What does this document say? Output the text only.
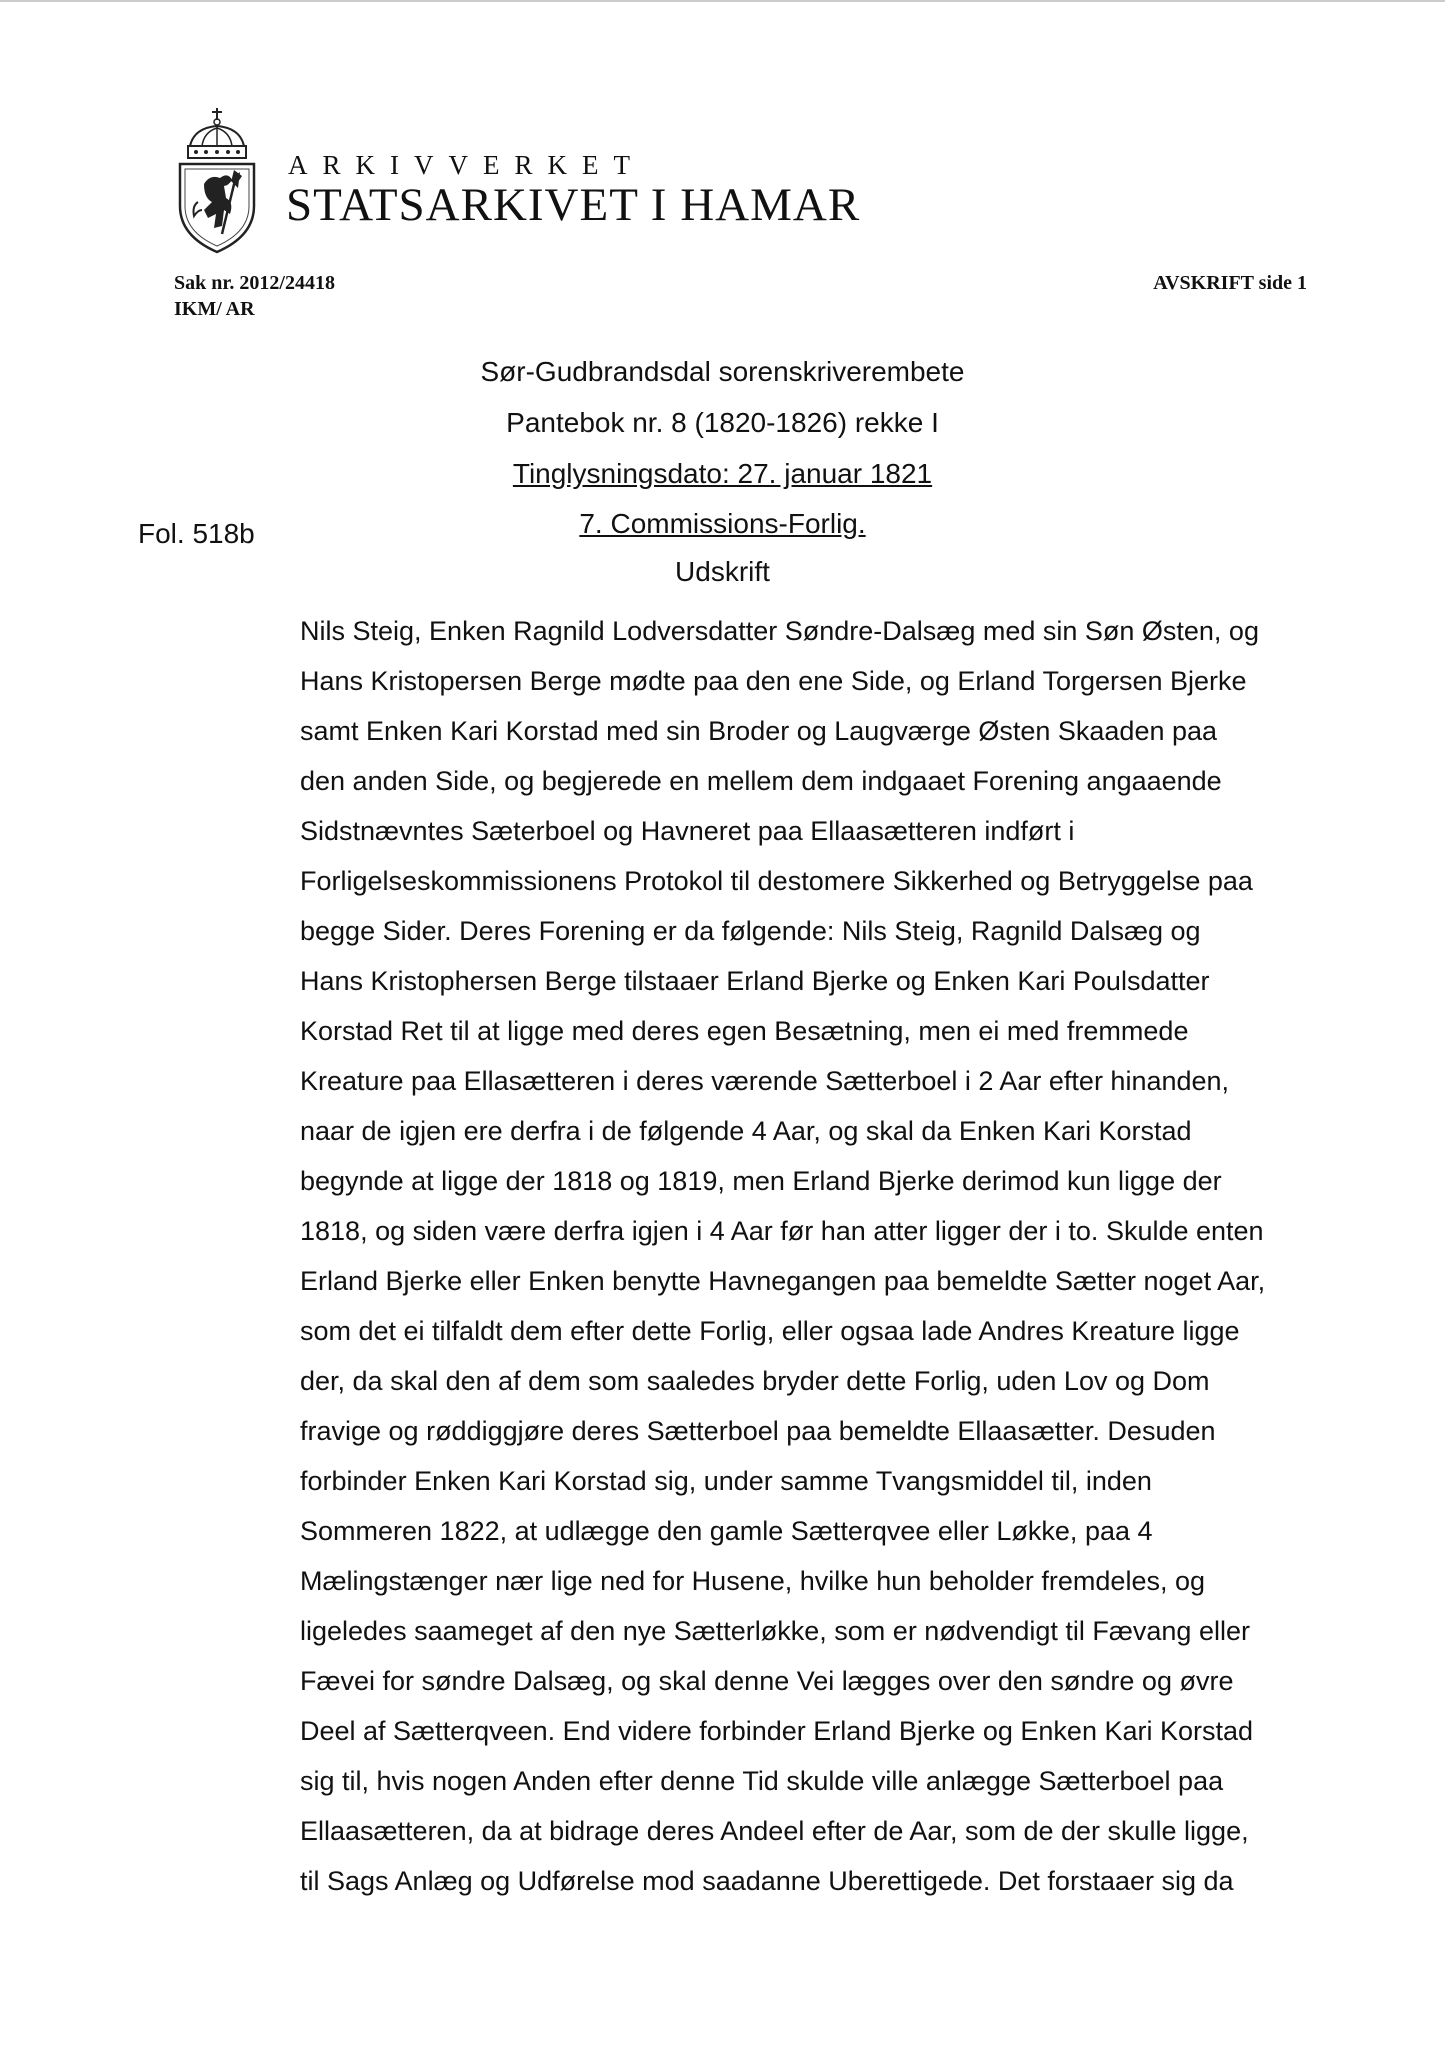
ARKIVVERKET
STATSARKIVET I HAMAR
Sak nr. 2012/24418
IKM/ AR
AVSKRIFT side 1
Fol. 518b
Sør-Gudbrandsdal sorenskriverembete
Pantebok nr. 8 (1820-1826) rekke I
Tinglysningsdato: 27. januar 1821
7. Commissions-Forlig.
Udskrift
Nils Steig, Enken Ragnild Lodversdatter Søndre-Dalsæg med sin Søn Østen, og
Hans Kristopersen Berge mødte paa den ene Side, og Erland Torgersen Bjerke
samt Enken Kari Korstad med sin Broder og Laugværge Østen Skaaden paa
den anden Side, og begjerede en mellem dem indgaaet Forening angaaende
Sidstnævntes Sæterboel og Havneret paa Ellaasætteren indført i
Forligelseskommissionens Protokol til destomere Sikkerhed og Betryggelse paa
begge Sider. Deres Forening er da følgende: Nils Steig, Ragnild Dalsæg og
Hans Kristophersen Berge tilstaaer Erland Bjerke og Enken Kari Poulsdatter
Korstad Ret til at ligge med deres egen Besætning, men ei med fremmede
Kreature paa Ellasætteren i deres værende Sætterboel i 2 Aar efter hinanden,
naar de igjen ere derfra i de følgende 4 Aar, og skal da Enken Kari Korstad
begynde at ligge der 1818 og 1819, men Erland Bjerke derimod kun ligge der
1818, og siden være derfra igjen i 4 Aar før han atter ligger der i to. Skulde enten
Erland Bjerke eller Enken benytte Havnegangen paa bemeldte Sætter noget Aar,
som det ei tilfaldt dem efter dette Forlig, eller ogsaa lade Andres Kreature ligge
der, da skal den af dem som saaledes bryder dette Forlig, uden Lov og Dom
fravige og røddiggjøre deres Sætterboel paa bemeldte Ellaasætter. Desuden
forbinder Enken Kari Korstad sig, under samme Tvangsmiddel til, inden
Sommeren 1822, at udlægge den gamle Sætterqvee eller Løkke, paa 4
Mælingstænger nær lige ned for Husene, hvilke hun beholder fremdeles, og
ligeledes saameget af den nye Sætterløkke, som er nødvendigt til Fævang eller
Fævei for søndre Dalsæg, og skal denne Vei lægges over den søndre og øvre
Deel af Sætterqveen. End videre forbinder Erland Bjerke og Enken Kari Korstad
sig til, hvis nogen Anden efter denne Tid skulde ville anlægge Sætterboel paa
Ellaasætteren, da at bidrage deres Andeel efter de Aar, som de der skulle ligge,
til Sags Anlæg og Udførelse mod saadanne Uberettigede. Det forstaaer sig da
